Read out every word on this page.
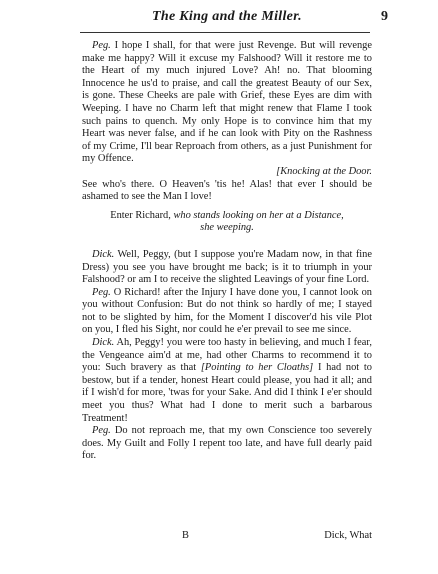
The King and the Miller.	9

Peg. I hope I shall, for that were just Revenge. But will revenge make me happy? Will it excuse my Falshood? Will it restore me to the Heart of my much injured Love? Ah! no. That blooming Innocence he us'd to praise, and call the greatest Beauty of our Sex, is gone. These Cheeks are pale with Grief, these Eyes are dim with Weeping. I have no Charm left that might renew that Flame I took such pains to quench. My only Hope is to convince him that my Heart was never false, and if he can look with Pity on the Rashness of my Crime, I'll bear Reproach from others, as a just Punishment for my Offence.

[Knocking at the Door.

See who's there. O Heaven's 'tis he! Alas! that ever I should be ashamed to see the Man I love!

Enter Richard, who stands looking on her at a Distance,
she weeping.

Dick. Well, Peggy, (but I suppose you're Madam now, in that fine Dress) you see you have brought me back; is it to triumph in your Falshood? or am I to receive the slighted Leavings of your fine Lord.

Peg. O Richard! after the Injury I have done you, I cannot look on you without Confusion: But do not think so hardly of me; I stayed not to be slighted by him, for the Moment I discover'd his vile Plot on you, I fled his Sight, nor could he e'er prevail to see me since.

Dick. Ah, Peggy! you were too hasty in believing, and much I fear, the Vengeance aim'd at me, had other Charms to recommend it to you: Such bravery as that [Pointing to her Cloaths] I had not to bestow, but if a tender, honest Heart could please, you had it all; and if I wish'd for more, 'twas for your Sake. And did I think I e'er should meet you thus? What had I done to merit such a barbarous Treatment!

Peg. Do not reproach me, that my own Conscience too severely does. My Guilt and Folly I repent too late, and have full dearly paid for.

B	Dick, What
